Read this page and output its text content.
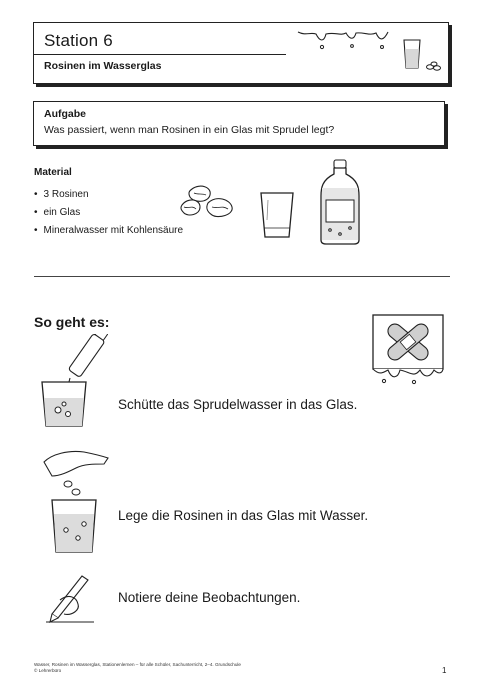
Station 6
Rosinen im Wasserglas
Aufgabe
Was passiert, wenn man Rosinen in ein Glas mit Sprudel legt?
Material
• 3 Rosinen
• ein Glas
• Mineralwasser mit Kohlensäure
So geht es:
Schütte das Sprudelwasser in das Glas.
Lege die Rosinen in das Glas mit Wasser.
Notiere deine Beobachtungen.
Wasser, Rosinen im Wasserglas, Stationenlernen – für alle Schüler, Sachunterricht, 2–4. Grundschule
© Lehrerbüro	1
